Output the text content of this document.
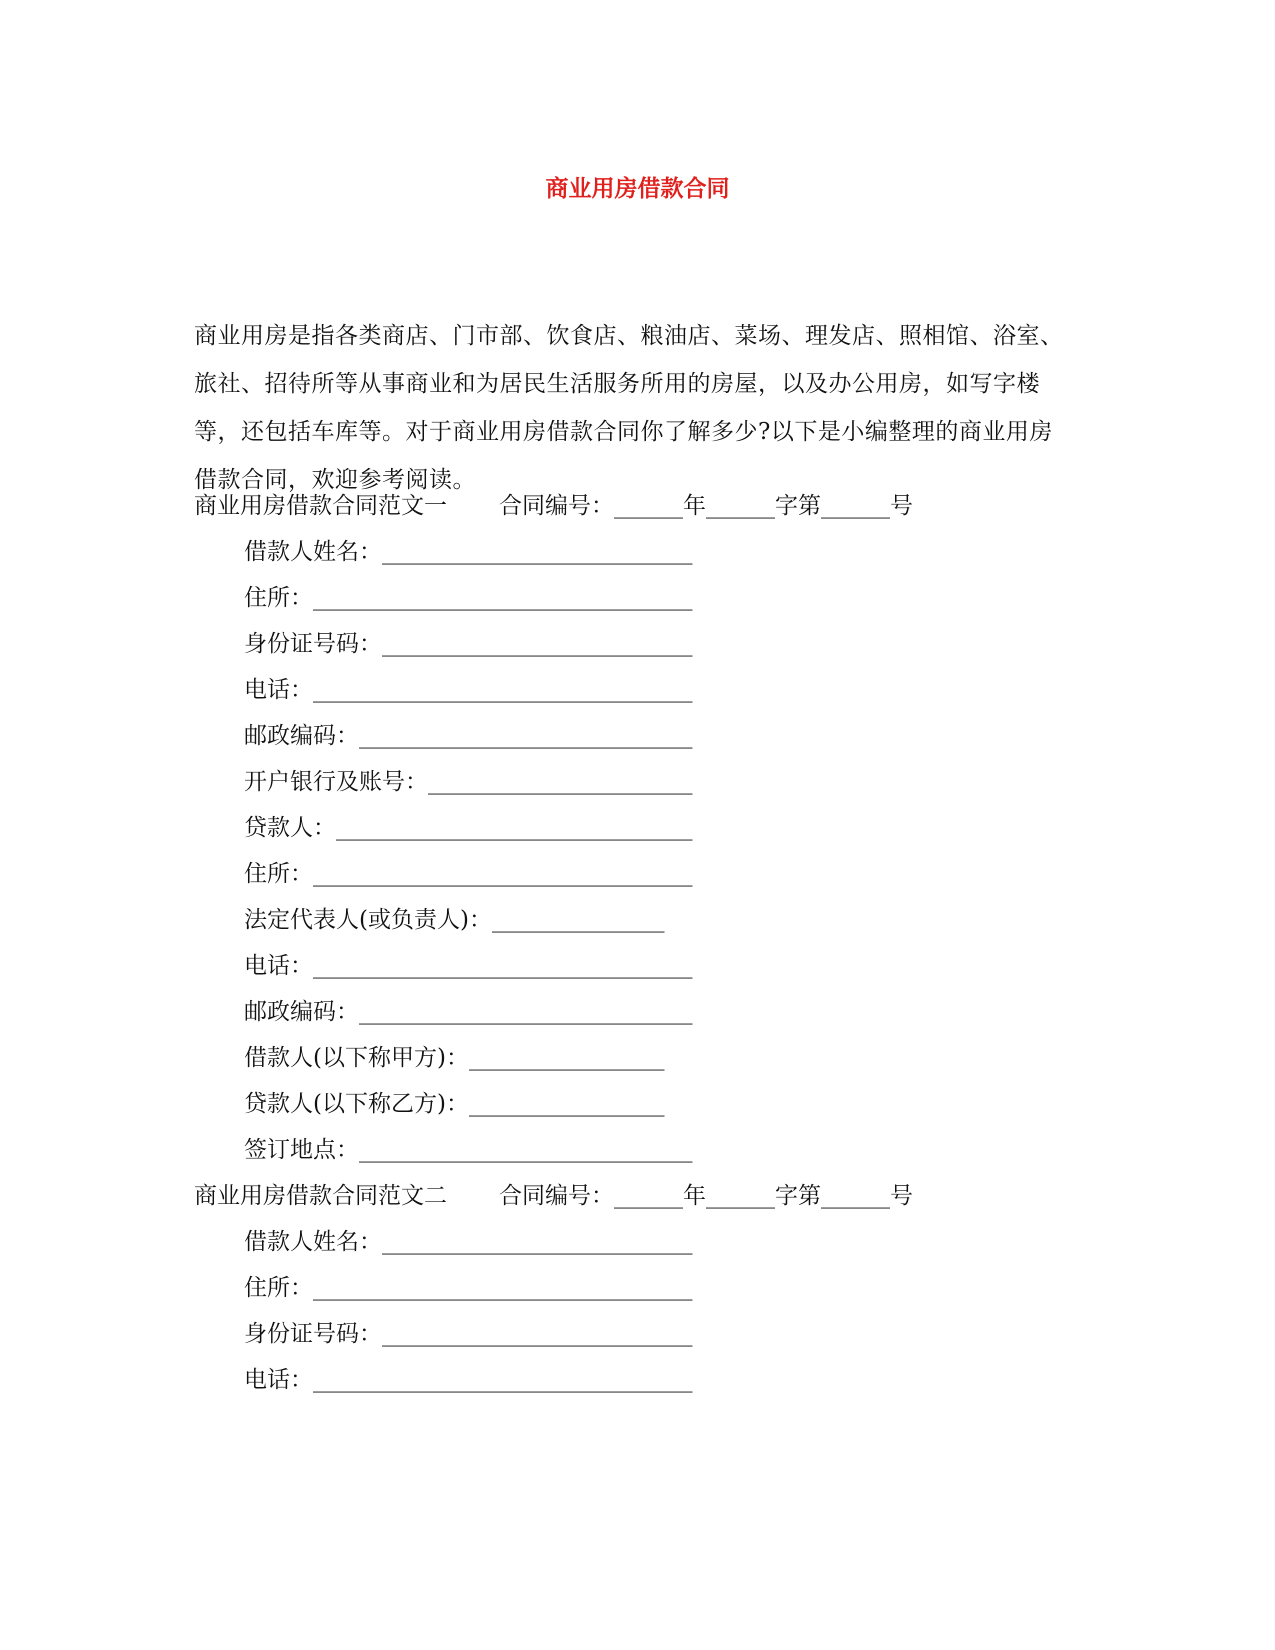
商业用房借款合同

商业用房是指各类商店、门市部、饮食店、粮油店、菜场、理发店、照相馆、浴室、旅社、招待所等从事商业和为居民生活服务所用的房屋，以及办公用房，如写字楼等，还包括车库等。对于商业用房借款合同你了解多少?以下是小编整理的商业用房借款合同，欢迎参考阅读。

商业用房借款合同范文一 合同编号：______年______字第______号
借款人姓名：___________________________
住所：_________________________________
身份证号码：___________________________
电话：_________________________________
邮政编码：_____________________________
开户银行及账号：_______________________
贷款人：_______________________________
住所：_________________________________
法定代表人(或负责人)：_______________
电话：_________________________________
邮政编码：_____________________________
借款人(以下称甲方)：_________________
贷款人(以下称乙方)：_________________
签订地点：_____________________________
商业用房借款合同范文二 合同编号：______年______字第______号
借款人姓名：___________________________
住所：_________________________________
身份证号码：___________________________
电话：_________________________________
